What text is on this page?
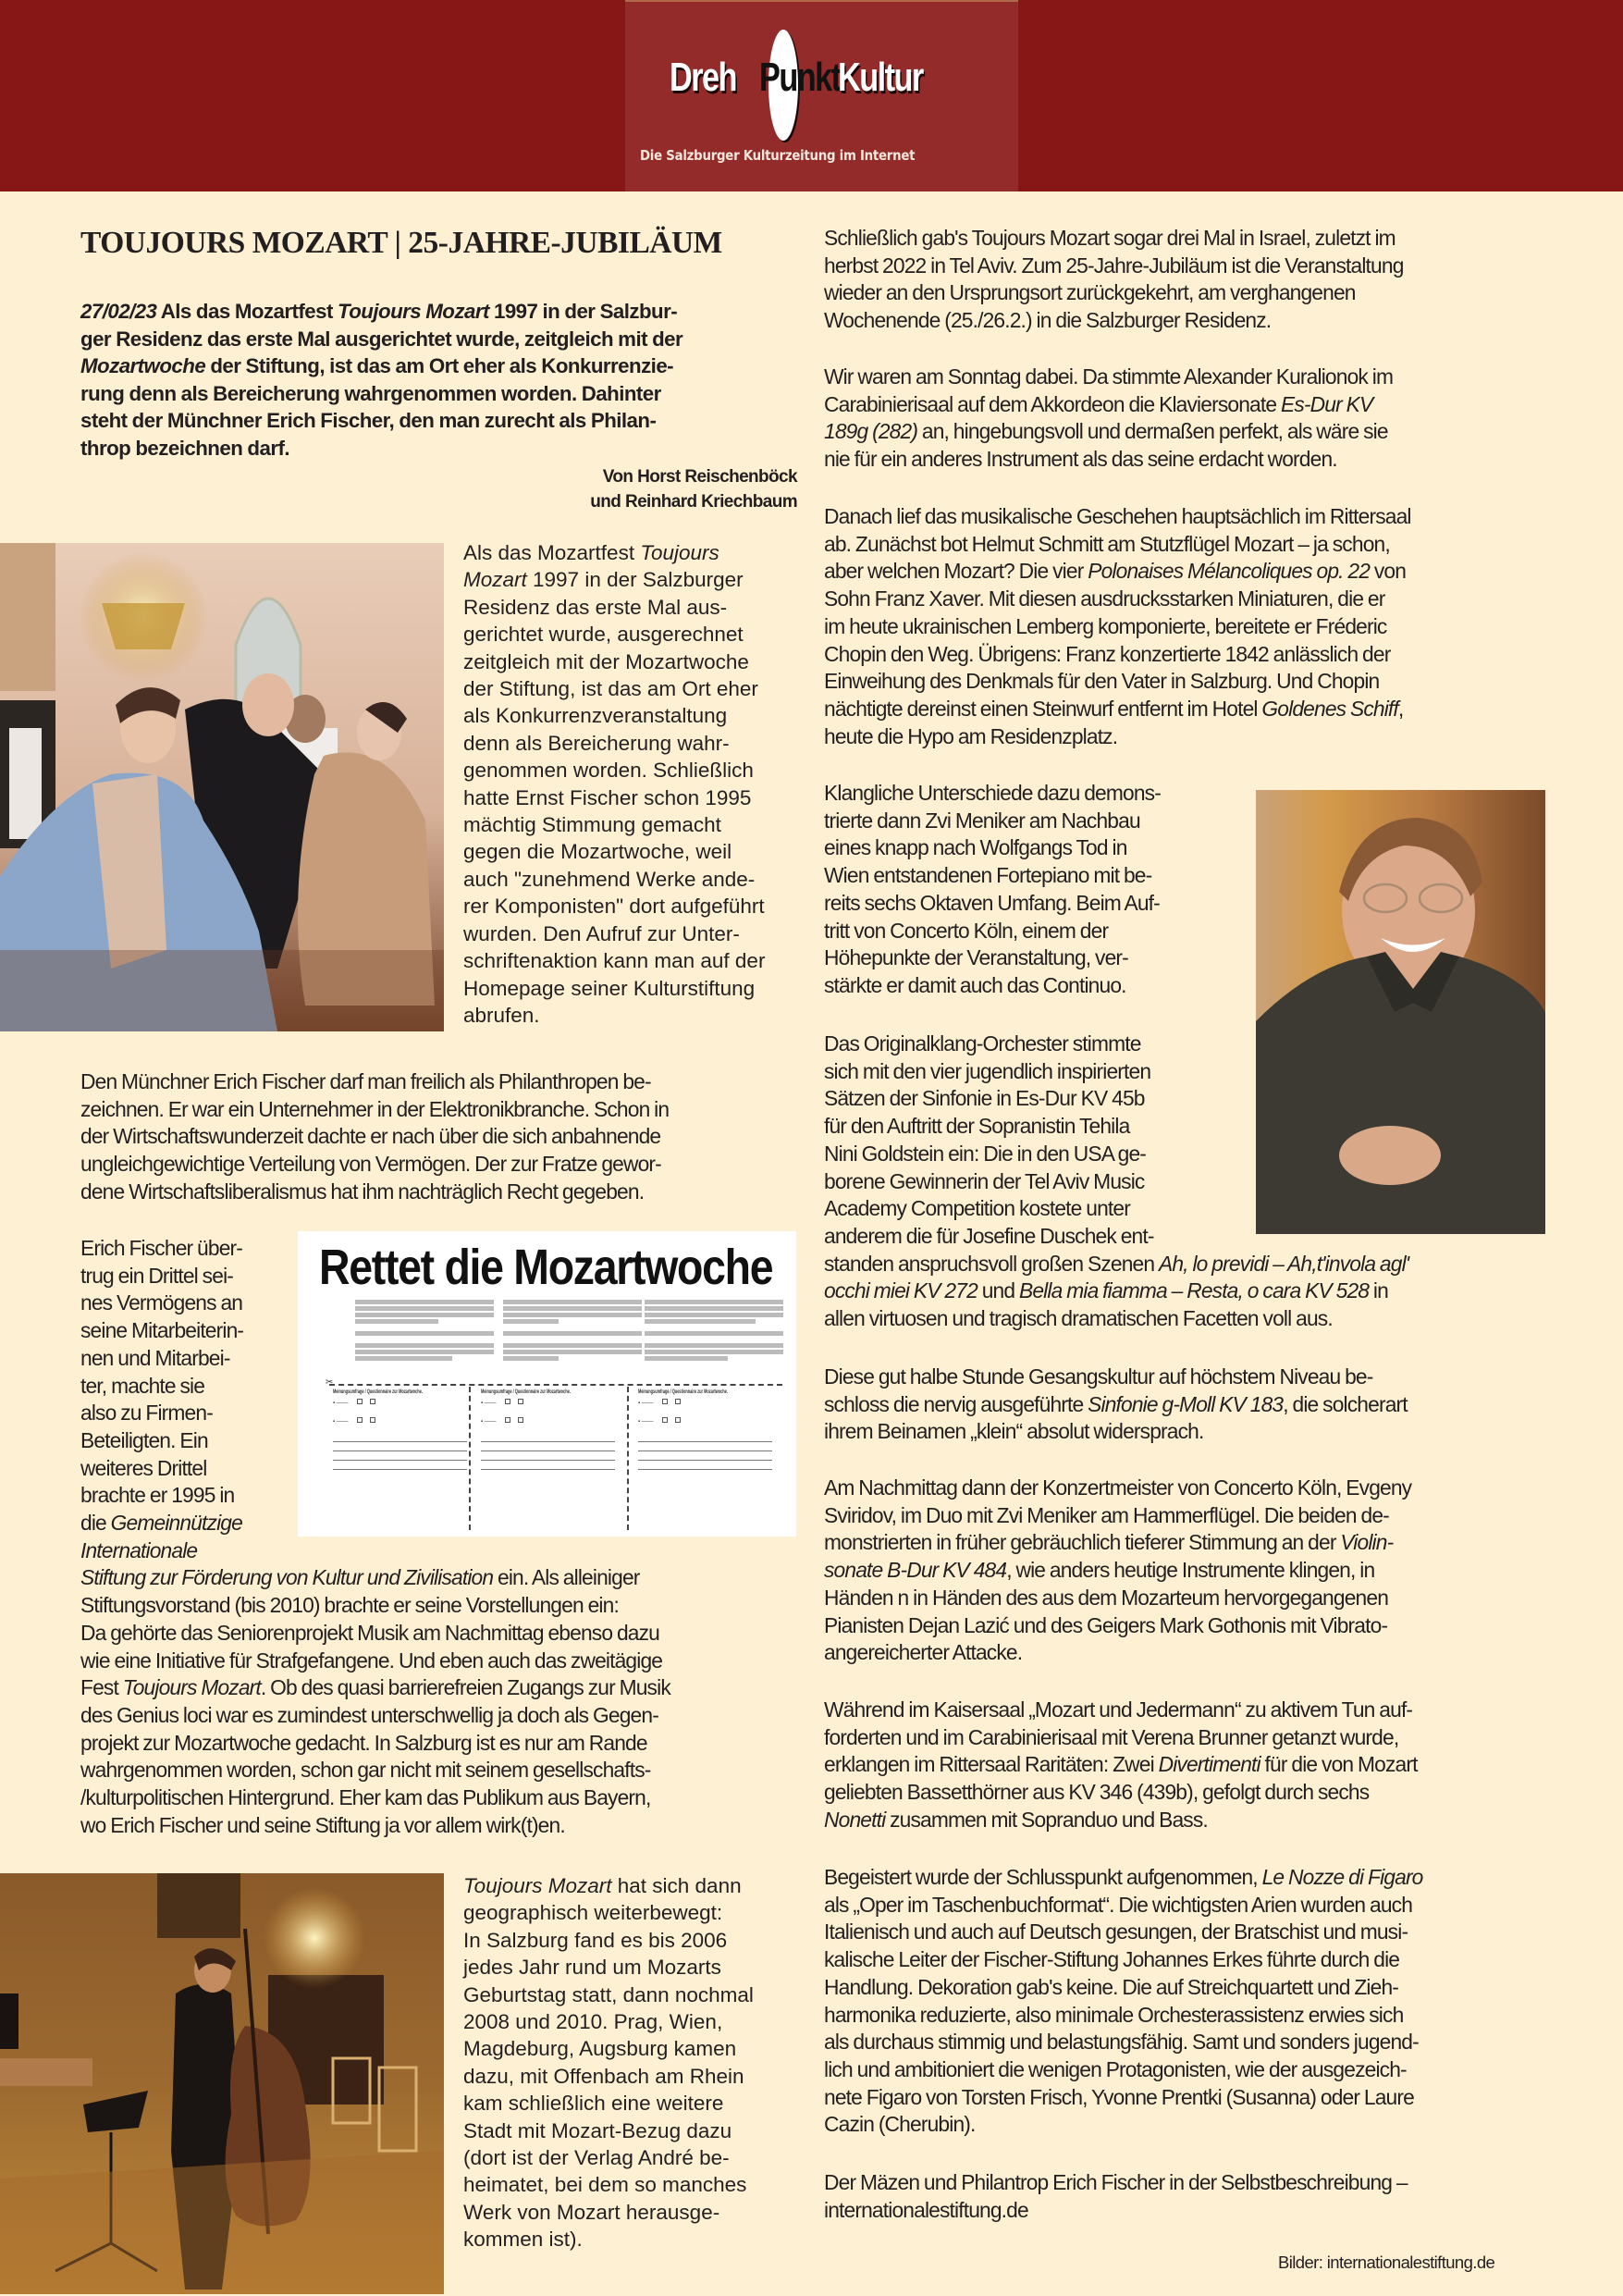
Dreh Punkt
Kultur
Die Salzburger Kulturzeitung im Internet
TOUJOURS MOZART | 25-JAHRE-JUBILÄUM
27/02/23 Als das Mozartfest Toujours Mozart 1997 in der Salzbur-
ger Residenz das erste Mal ausgerichtet wurde, zeitgleich mit der
Mozartwoche der Stiftung, ist das am Ort eher als Konkurrenzie-
rung denn als Bereicherung wahrgenommen worden. Dahinter
steht der Münchner Erich Fischer, den man zurecht als Philan-
throp bezeichnen darf.
Von Horst Reischenböck
und Reinhard Kriechbaum
Als das Mozartfest Toujours
Mozart 1997 in der Salzburger
Residenz das erste Mal aus-
gerichtet wurde, ausgerechnet
zeitgleich mit der Mozartwoche
der Stiftung, ist das am Ort eher
als Konkurrenzveranstaltung
denn als Bereicherung wahr-
genommen worden. Schließlich
hatte Ernst Fischer schon 1995
mächtig Stimmung gemacht
gegen die Mozartwoche, weil
auch "zunehmend Werke ande-
rer Komponisten" dort aufgeführt
wurden. Den Aufruf zur Unter-
schriftenaktion kann man auf der
Homepage seiner Kulturstiftung
abrufen.
Den Münchner Erich Fischer darf man freilich als Philanthropen be-
zeichnen. Er war ein Unternehmer in der Elektronikbranche. Schon in
der Wirtschaftswunderzeit dachte er nach über die sich anbahnende
ungleichgewichtige Verteilung von Vermögen. Der zur Fratze gewor-
dene Wirtschaftsliberalismus hat ihm nachträglich Recht gegeben.
Erich Fischer über-
trug ein Drittel sei-
nes Vermögens an
seine Mitarbeiterin-
nen und Mitarbei-
ter, machte sie
also zu Firmen-
Beteiligten. Ein
weiteres Drittel
brachte er 1995 in
die Gemeinnützige
Internationale
Stiftung zur Förderung von Kultur und Zivilisation ein. Als alleiniger
Stiftungsvorstand (bis 2010) brachte er seine Vorstellungen ein:
Da gehörte das Seniorenprojekt Musik am Nachmittag ebenso dazu
wie eine Initiative für Strafgefangene. Und eben auch das zweitägige
Fest Toujours Mozart. Ob des quasi barrierefreien Zugangs zur Musik
des Genius loci war es zumindest unterschwellig ja doch als Gegen-
projekt zur Mozartwoche gedacht. In Salzburg ist es nur am Rande
wahrgenommen worden, schon gar nicht mit seinem gesellschafts-
/kulturpolitischen Hintergrund. Eher kam das Publikum aus Bayern,
wo Erich Fischer und seine Stiftung ja vor allem wirk(t)en.
Rettet die Mozartwoche
✂
Meinungsumfrage / Questionnaire zur Mozartwoche.
▪ ───
▪ ───
Meinungsumfrage / Questionnaire zur Mozartwoche.
▪ ───
▪ ───
Meinungsumfrage / Questionnaire zur Mozartwoche.
▪ ───
▪ ───
Toujours Mozart hat sich dann
geographisch weiterbewegt:
In Salzburg fand es bis 2006
jedes Jahr rund um Mozarts
Geburtstag statt, dann nochmal
2008 und 2010. Prag, Wien,
Magdeburg, Augsburg kamen
dazu, mit Offenbach am Rhein
kam schließlich eine weitere
Stadt mit Mozart-Bezug dazu
(dort ist der Verlag André be-
heimatet, bei dem so manches
Werk von Mozart herausge-
kommen ist).
Schließlich gab's Toujours Mozart sogar drei Mal in Israel, zuletzt im
herbst 2022 in Tel Aviv. Zum 25-Jahre-Jubiläum ist die Veranstaltung
wieder an den Ursprungsort zurückgekehrt, am verghangenen
Wochenende (25./26.2.) in die Salzburger Residenz.
Wir waren am Sonntag dabei. Da stimmte Alexander Kuralionok im
Carabinierisaal auf dem Akkordeon die Klaviersonate Es-Dur KV
189g (282) an, hingebungsvoll und dermaßen perfekt, als wäre sie
nie für ein anderes Instrument als das seine erdacht worden.
Danach lief das musikalische Geschehen hauptsächlich im Rittersaal
ab. Zunächst bot Helmut Schmitt am Stutzflügel Mozart – ja schon,
aber welchen Mozart? Die vier Polonaises Mélancoliques op. 22 von
Sohn Franz Xaver. Mit diesen ausdrucksstarken Miniaturen, die er
im heute ukrainischen Lemberg komponierte, bereitete er Fréderic
Chopin den Weg. Übrigens: Franz konzertierte 1842 anlässlich der
Einweihung des Denkmals für den Vater in Salzburg. Und Chopin
nächtigte dereinst einen Steinwurf entfernt im Hotel Goldenes Schiff,
heute die Hypo am Residenzplatz.
Klangliche Unterschiede dazu demons-
trierte dann Zvi Meniker am Nachbau
eines knapp nach Wolfgangs Tod in
Wien entstandenen Fortepiano mit be-
reits sechs Oktaven Umfang. Beim Auf-
tritt von Concerto Köln, einem der
Höhepunkte der Veranstaltung, ver-
stärkte er damit auch das Continuo.
Das Originalklang-Orchester stimmte
sich mit den vier jugendlich inspirierten
Sätzen der Sinfonie in Es-Dur KV 45b
für den Auftritt der Sopranistin Tehila
Nini Goldstein ein: Die in den USA ge-
borene Gewinnerin der Tel Aviv Music
Academy Competition kostete unter
anderem die für Josefine Duschek ent-
standen anspruchsvoll großen Szenen Ah, lo previdi – Ah,t'invola agl'
occhi miei KV 272 und Bella mia fiamma – Resta, o cara KV 528 in
allen virtuosen und tragisch dramatischen Facetten voll aus.
Diese gut halbe Stunde Gesangskultur auf höchstem Niveau be-
schloss die nervig ausgeführte Sinfonie g-Moll KV 183, die solcherart
ihrem Beinamen „klein“ absolut widersprach.
Am Nachmittag dann der Konzertmeister von Concerto Köln, Evgeny
Sviridov, im Duo mit Zvi Meniker am Hammerflügel. Die beiden de-
monstrierten in früher gebräuchlich tieferer Stimmung an der Violin-
sonate B-Dur KV 484, wie anders heutige Instrumente klingen, in
Händen n in Händen des aus dem Mozarteum hervorgegangenen
Pianisten Dejan Lazić und des Geigers Mark Gothonis mit Vibrato-
angereicherter Attacke.
Während im Kaisersaal „Mozart und Jedermann“ zu aktivem Tun auf-
forderten und im Carabinierisaal mit Verena Brunner getanzt wurde,
erklangen im Rittersaal Raritäten: Zwei Divertimenti für die von Mozart
geliebten Bassetthörner aus KV 346 (439b), gefolgt durch sechs
Nonetti zusammen mit Sopranduo und Bass.
Begeistert wurde der Schlusspunkt aufgenommen, Le Nozze di Figaro
als „Oper im Taschenbuchformat“. Die wichtigsten Arien wurden auch
Italienisch und auch auf Deutsch gesungen, der Bratschist und musi-
kalische Leiter der Fischer-Stiftung Johannes Erkes führte durch die
Handlung. Dekoration gab's keine. Die auf Streichquartett und Zieh-
harmonika reduzierte, also minimale Orchesterassistenz erwies sich
als durchaus stimmig und belastungsfähig. Samt und sonders jugend-
lich und ambitioniert die wenigen Protagonisten, wie der ausgezeich-
nete Figaro von Torsten Frisch, Yvonne Prentki (Susanna) oder Laure
Cazin (Cherubin).
Der Mäzen und Philantrop Erich Fischer in der Selbstbeschreibung –
internationalestiftung.de
Bilder: internationalestiftung.de
